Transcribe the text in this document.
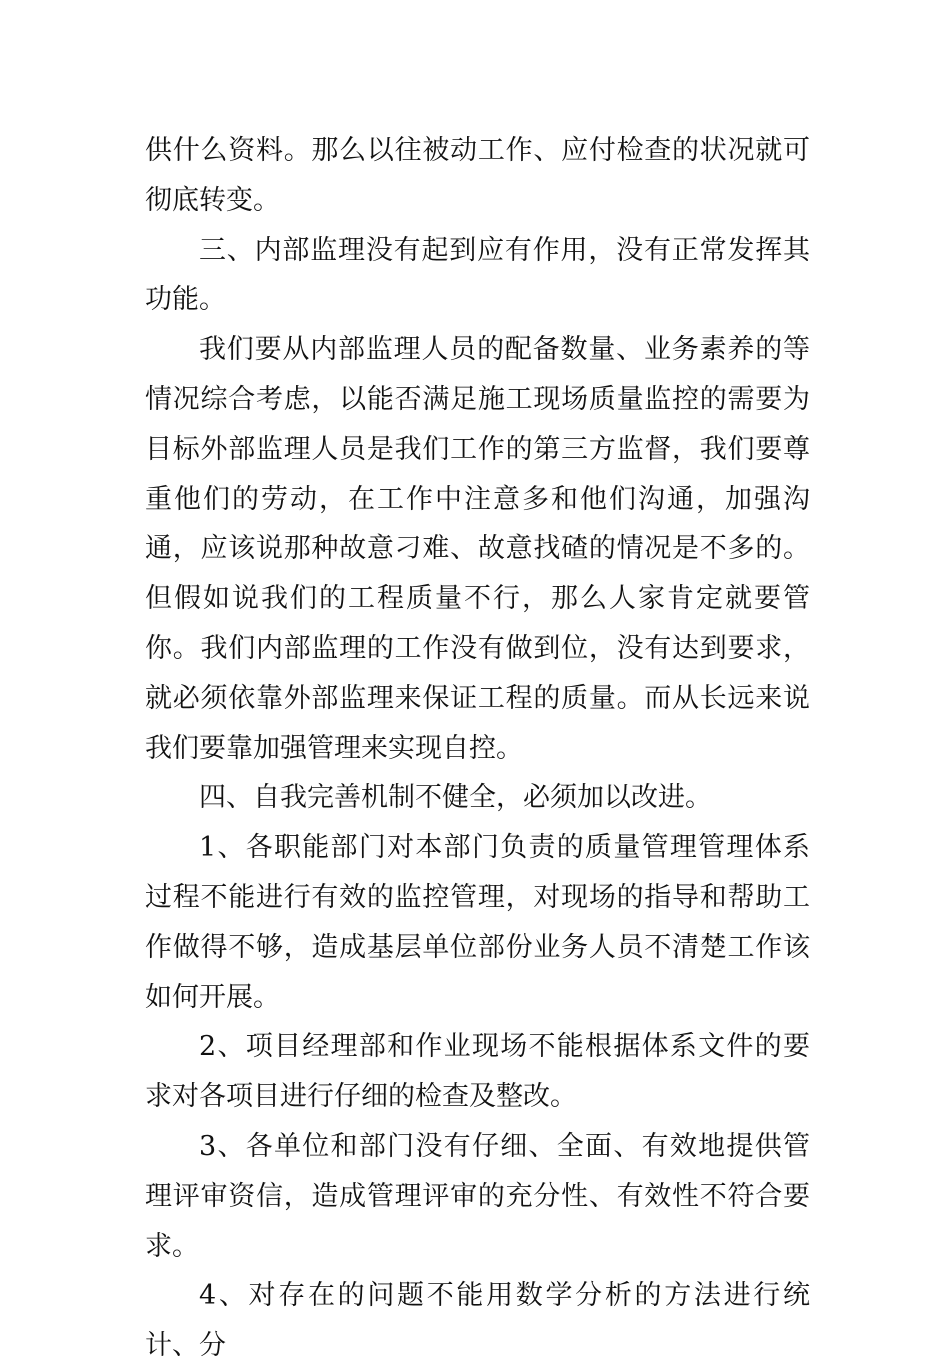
供什么资料。那么以往被动工作、应付检查的状况就可彻底转变。

三、内部监理没有起到应有作用，没有正常发挥其功能。

我们要从内部监理人员的配备数量、业务素养的等情况综合考虑，以能否满足施工现场质量监控的需要为目标外部监理人员是我们工作的第三方监督，我们要尊重他们的劳动，在工作中注意多和他们沟通，加强沟通，应该说那种故意刁难、故意找碴的情况是不多的。但假如说我们的工程质量不行，那么人家肯定就要管你。我们内部监理的工作没有做到位，没有达到要求，就必须依靠外部监理来保证工程的质量。而从长远来说我们要靠加强管理来实现自控。

四、自我完善机制不健全，必须加以改进。

1、各职能部门对本部门负责的质量管理管理体系过程不能进行有效的监控管理，对现场的指导和帮助工作做得不够，造成基层单位部份业务人员不清楚工作该如何开展。

2、项目经理部和作业现场不能根据体系文件的要求对各项目进行仔细的检查及整改。

3、各单位和部门没有仔细、全面、有效地提供管理评审资信，造成管理评审的充分性、有效性不符合要求。

4、对存在的问题不能用数学分析的方法进行统计、分
